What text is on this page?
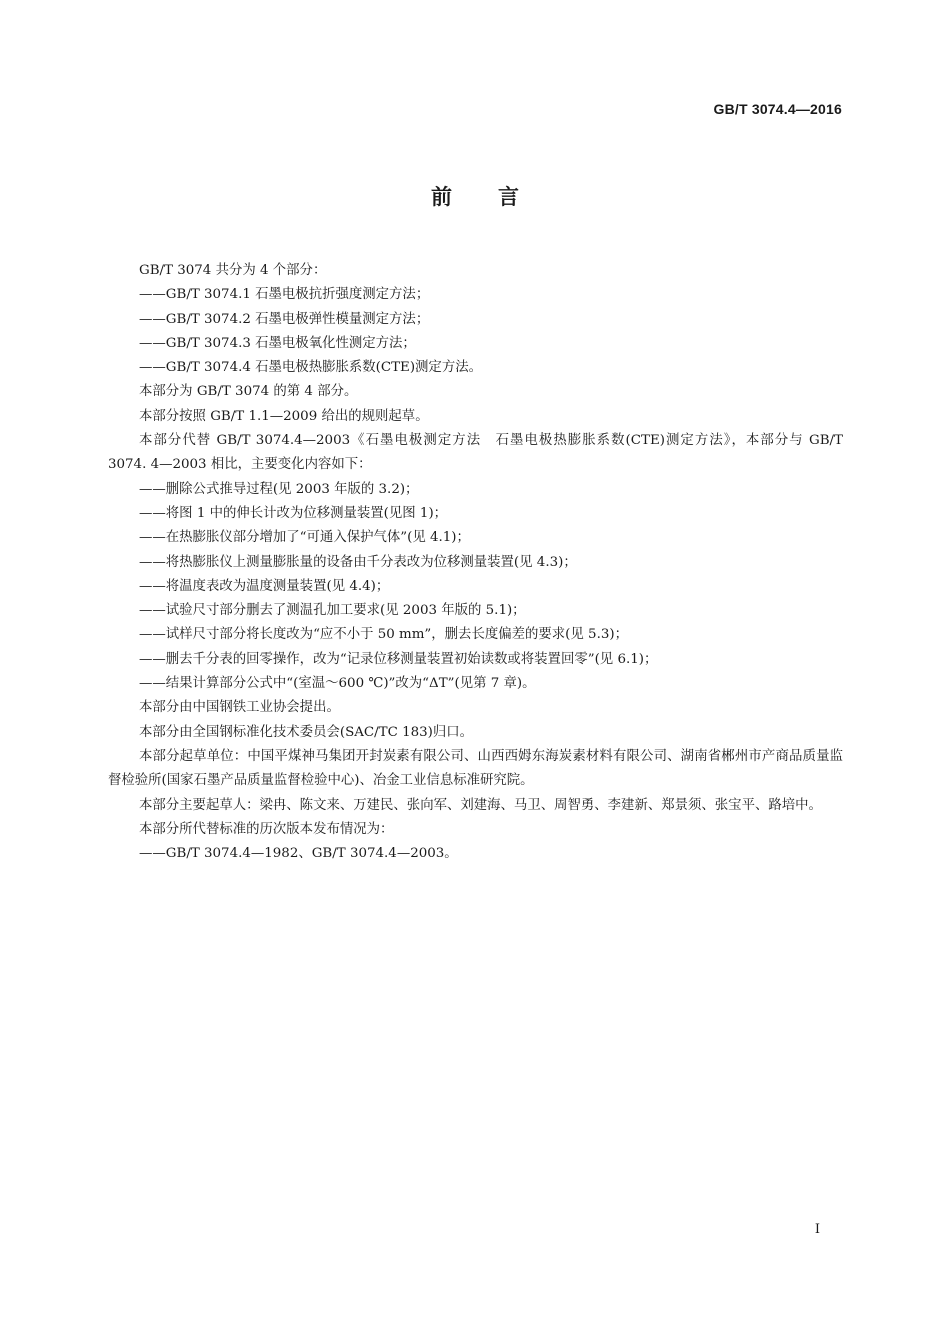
GB/T 3074.4—2016
前言

GB/T 3074 共分为 4 个部分：

——GB/T 3074.1 石墨电极抗折强度测定方法；

——GB/T 3074.2 石墨电极弹性模量测定方法；

——GB/T 3074.3 石墨电极氧化性测定方法；

——GB/T 3074.4 石墨电极热膨胀系数(CTE)测定方法。

本部分为 GB/T 3074 的第 4 部分。

本部分按照 GB/T 1.1—2009 给出的规则起草。

本部分代替 GB/T 3074.4—2003《石墨电极测定方法　石墨电极热膨胀系数(CTE)测定方法》，本部分与 GB/T 3074. 4—2003 相比，主要变化内容如下：

——删除公式推导过程(见 2003 年版的 3.2)；

——将图 1 中的伸长计改为位移测量装置(见图 1)；

——在热膨胀仪部分增加了“可通入保护气体”(见 4.1)；

——将热膨胀仪上测量膨胀量的设备由千分表改为位移测量装置(见 4.3)；

——将温度表改为温度测量装置(见 4.4)；

——试验尺寸部分删去了测温孔加工要求(见 2003 年版的 5.1)；

——试样尺寸部分将长度改为“应不小于 50 mm”，删去长度偏差的要求(见 5.3)；

——删去千分表的回零操作，改为“记录位移测量装置初始读数或将装置回零”(见 6.1)；

——结果计算部分公式中“(室温～600 ℃)”改为“ΔT”(见第 7 章)。

本部分由中国钢铁工业协会提出。

本部分由全国钢标准化技术委员会(SAC/TC 183)归口。

本部分起草单位：中国平煤神马集团开封炭素有限公司、山西西姆东海炭素材料有限公司、湖南省郴州市产商品质量监督检验所(国家石墨产品质量监督检验中心)、冶金工业信息标准研究院。

本部分主要起草人：梁冉、陈文来、万建民、张向军、刘建海、马卫、周智勇、李建新、郑景须、张宝平、路培中。

本部分所代替标准的历次版本发布情况为：

——GB/T 3074.4—1982、GB/T 3074.4—2003。

I
